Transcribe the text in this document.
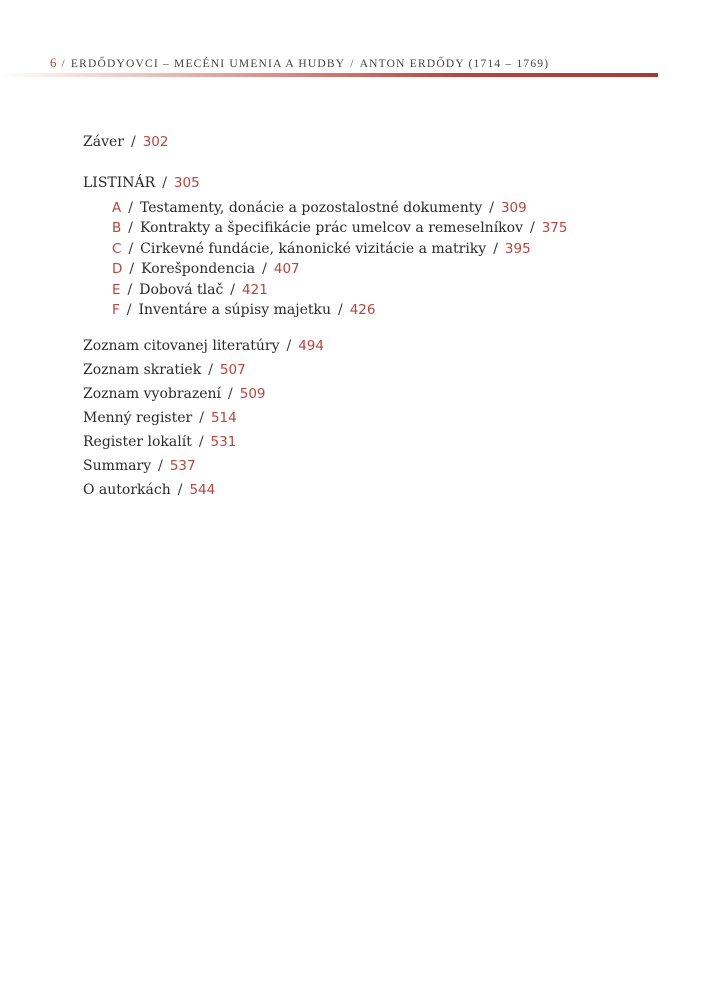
6 / ERDŐDYOVCI – MECÉNI UMENIA A HUDBY / ANTON ERDŐDY (1714 – 1769)
Záver / 302
LISTINÁR / 305
A / Testamenty, donácie a pozostalostné dokumenty / 309
B / Kontrakty a špecifikácie prác umelcov a remeselníkov / 375
C / Cirkevné fundácie, kánonické vizitácie a matriky / 395
D / Korešpondencia / 407
E / Dobová tlač / 421
F / Inventáre a súpisy majetku / 426
Zoznam citovanej literatúry / 494
Zoznam skratiek / 507
Zoznam vyobrazení / 509
Menný register / 514
Register lokalít / 531
Summary / 537
O autorkách / 544
